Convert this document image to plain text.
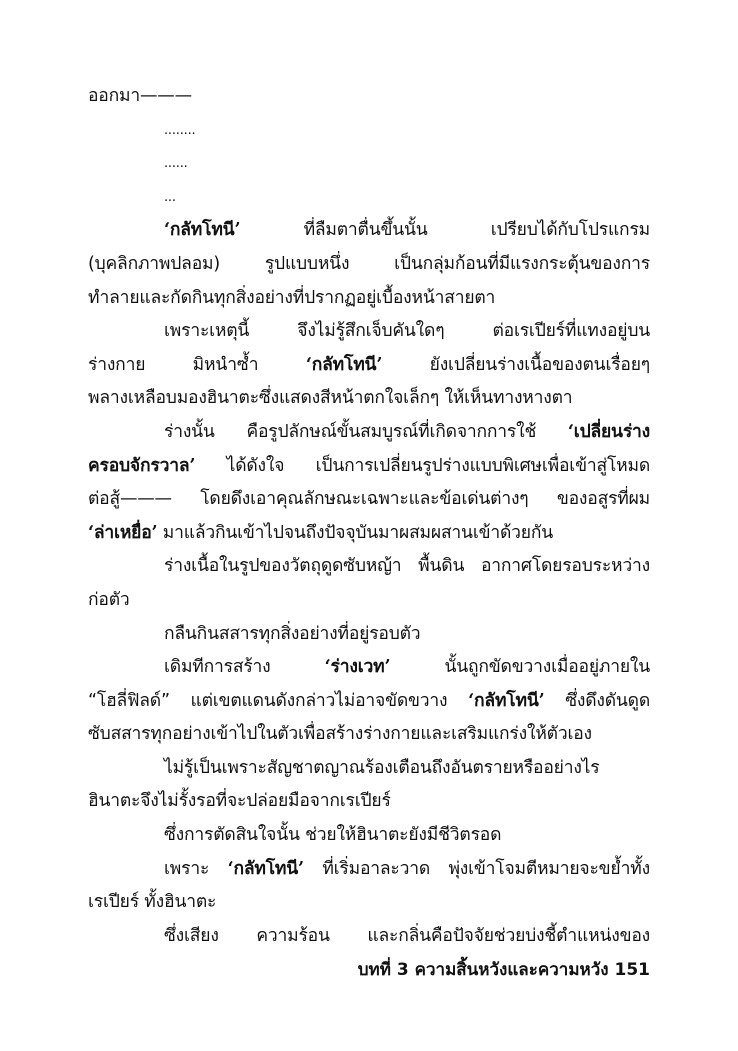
ออกมา———
........
......
...
‘กลัทโทนี’ ที่ลืมตาตื่นขึ้นนั้น เปรียบได้กับโปรแกรม
(บุคลิกภาพปลอม) รูปแบบหนึ่ง เป็นกลุ่มก้อนที่มีแรงกระตุ้นของการ
ทำลายและกัดกินทุกสิ่งอย่างที่ปรากฏอยู่เบื้องหน้าสายตา
เพราะเหตุนี้ จึงไม่รู้สึกเจ็บคันใดๆ ต่อเรเปียร์ที่แทงอยู่บน
ร่างกาย มิหนำซ้ำ ‘กลัทโทนี’ ยังเปลี่ยนร่างเนื้อของตนเรื่อยๆ
พลางเหลือบมองฮินาตะซึ่งแสดงสีหน้าตกใจเล็กๆ ให้เห็นทางหางตา
ร่างนั้น คือรูปลักษณ์ขั้นสมบูรณ์ที่เกิดจากการใช้ ‘เปลี่ยนร่าง
ครอบจักรวาล’ ได้ดังใจ เป็นการเปลี่ยนรูปร่างแบบพิเศษเพื่อเข้าสู่โหมด
ต่อสู้——— โดยดึงเอาคุณลักษณะเฉพาะและข้อเด่นต่างๆ ของอสูรที่ผม
‘ล่าเหยื่อ’ มาแล้วกินเข้าไปจนถึงปัจจุบันมาผสมผสานเข้าด้วยกัน
ร่างเนื้อในรูปของวัตถุดูดซับหญ้า พื้นดิน อากาศโดยรอบระหว่าง
ก่อตัว
กลืนกินสสารทุกสิ่งอย่างที่อยู่รอบตัว
เดิมทีการสร้าง ‘ร่างเวท’ นั้นถูกขัดขวางเมื่ออยู่ภายใน
“โฮลี่ฟิลด์” แต่เขตแดนดังกล่าวไม่อาจขัดขวาง ‘กลัทโทนี’ ซึ่งดึงดันดูด
ซับสสารทุกอย่างเข้าไปในตัวเพื่อสร้างร่างกายและเสริมแกร่งให้ตัวเอง
ไม่รู้เป็นเพราะสัญชาตญาณร้องเตือนถึงอันตรายหรืออย่างไร
ฮินาตะจึงไม่รั้งรอที่จะปล่อยมือจากเรเปียร์
ซึ่งการตัดสินใจนั้น ช่วยให้ฮินาตะยังมีชีวิตรอด
เพราะ ‘กลัทโทนี’ ที่เริ่มอาละวาด พุ่งเข้าโจมตีหมายจะขย้ำทั้ง
เรเปียร์ ทั้งฮินาตะ
ซึ่งเสียง ความร้อน และกลิ่นคือปัจจัยช่วยบ่งชี้ตำแหน่งของ
บทที่ 3 ความสิ้นหวังและความหวัง 151
